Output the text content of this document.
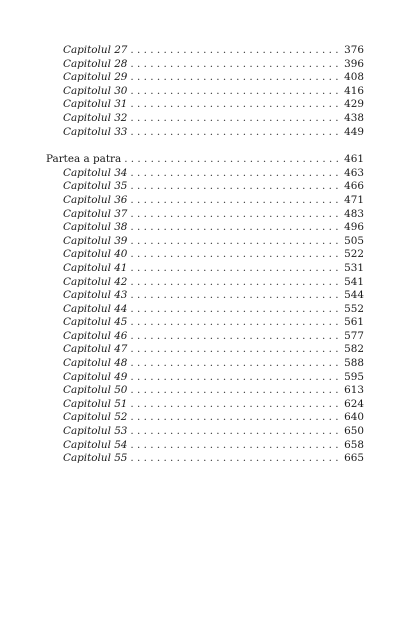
Capitolul 27 . . .	376
Capitolul 28 . . .	396
Capitolul 29 . . .	408
Capitolul 30 . . .	416
Capitolul 31 . . .	429
Capitolul 32 . . .	438
Capitolul 33 . . .	449
Partea a patra . . .	461
Capitolul 34 . . .	463
Capitolul 35 . . .	466
Capitolul 36 . . .	471
Capitolul 37 . . .	483
Capitolul 38 . . .	496
Capitolul 39 . . .	505
Capitolul 40 . . .	522
Capitolul 41 . . .	531
Capitolul 42 . . .	541
Capitolul 43 . . .	544
Capitolul 44 . . .	552
Capitolul 45 . . .	561
Capitolul 46 . . .	577
Capitolul 47 . . .	582
Capitolul 48 . . .	588
Capitolul 49 . . .	595
Capitolul 50 . . .	613
Capitolul 51 . . .	624
Capitolul 52 . . .	640
Capitolul 53 . . .	650
Capitolul 54 . . .	658
Capitolul 55 . . .	665
